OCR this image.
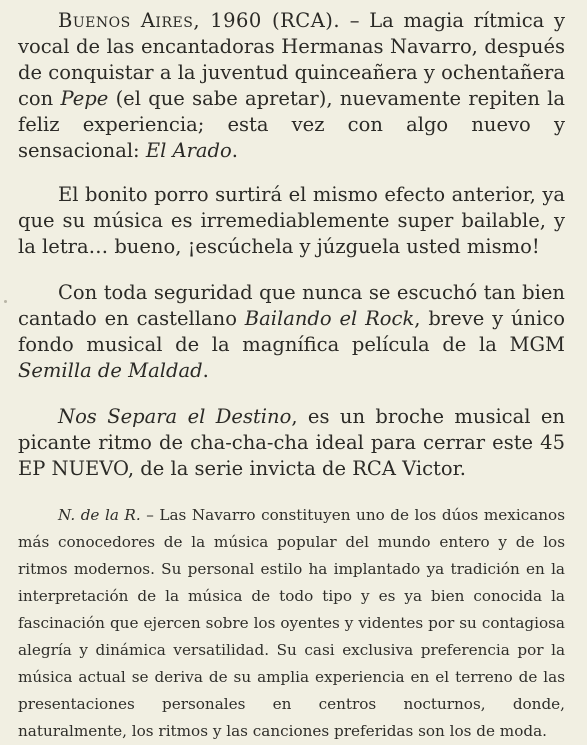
Buenos Aires, 1960 (RCA). – La magia rítmica y vocal de las encantadoras Hermanas Navarro, después de conquistar a la juventud quinceañera y ochentañera con Pepe (el que sabe apretar), nuevamente repiten la feliz experiencia; esta vez con algo nuevo y sensacional: El Arado.

El bonito porro surtirá el mismo efecto anterior, ya que su música es irremediablemente super bailable, y la letra… bueno, ¡escúchela y júzguela usted mismo!

Con toda seguridad que nunca se escuchó tan bien cantado en castellano Bailando el Rock, breve y único fondo musical de la magnífica película de la MGM Semilla de Maldad.

Nos Separa el Destino, es un broche musical en picante ritmo de cha-cha-cha ideal para cerrar este 45 EP NUEVO, de la serie invicta de RCA Victor.

N. de la R. – Las Navarro constituyen uno de los dúos mexicanos más conocedores de la música popular del mundo entero y de los ritmos modernos. Su personal estilo ha implantado ya tradición en la interpretación de la música de todo tipo y es ya bien conocida la fascinación que ejercen sobre los oyentes y videntes por su contagiosa alegría y dinámica versatilidad. Su casi exclusiva preferencia por la música actual se deriva de su amplia experiencia en el terreno de las presentaciones personales en centros nocturnos, donde, naturalmente, los ritmos y las canciones preferidas son los de moda.
